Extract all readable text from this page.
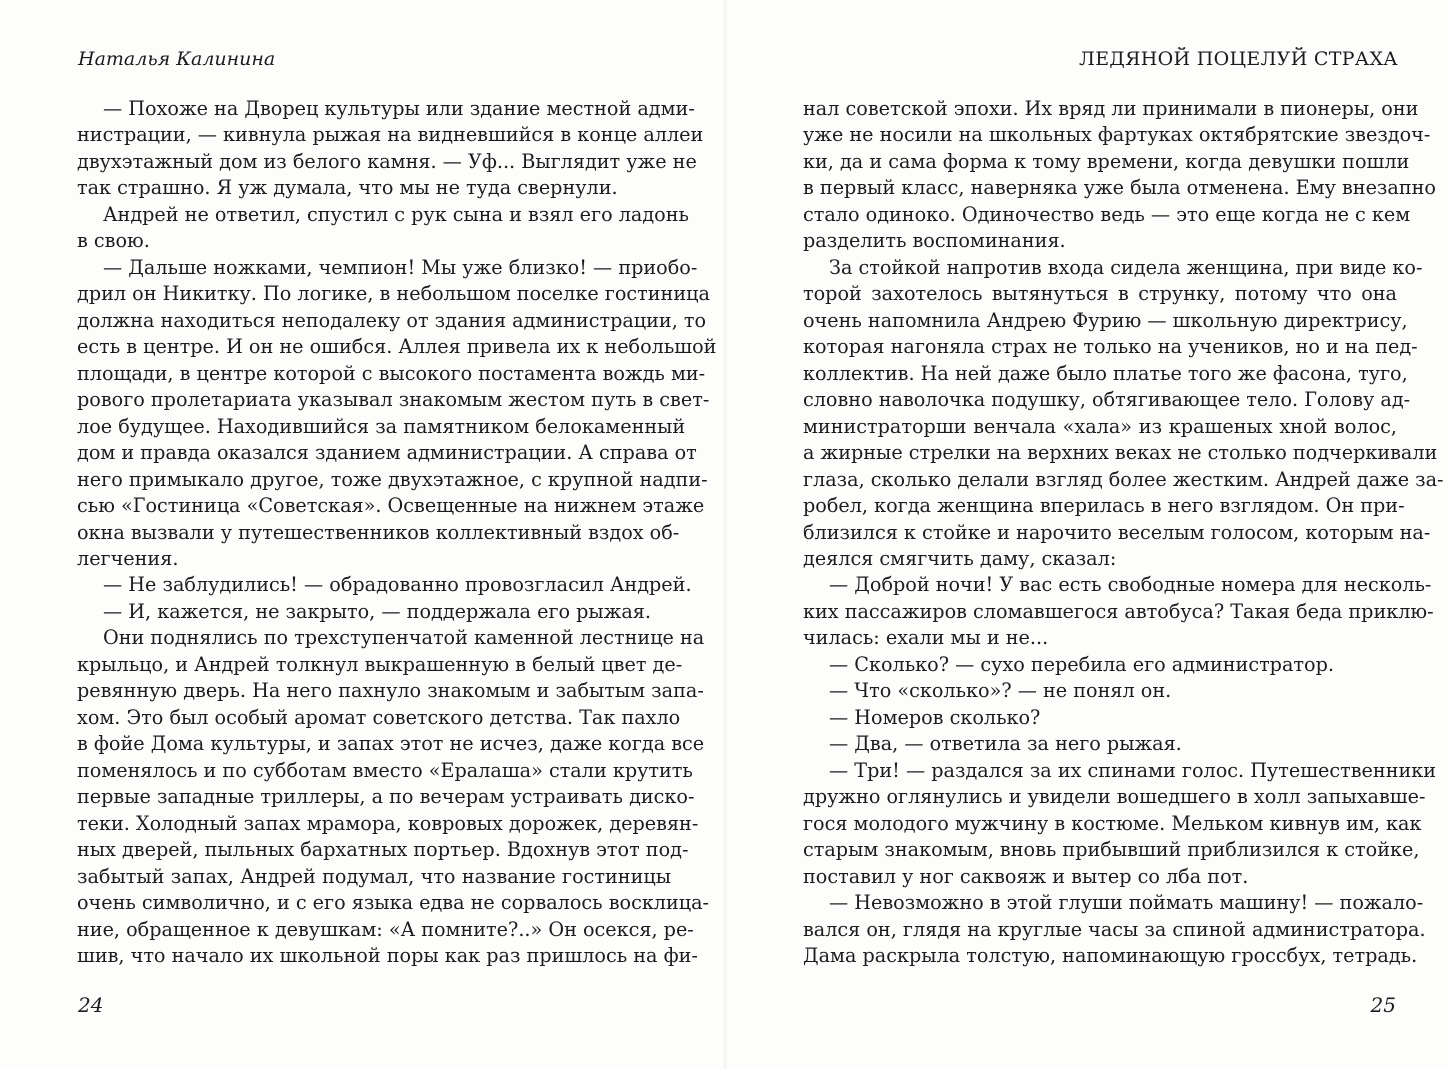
Наталья Калинина	ЛЕДЯНОЙ ПОЦЕЛУЙ СТРАХА
— Похоже на Дворец культуры или здание местной адми-
нистрации, — кивнула рыжая на видневшийся в конце аллеи
двухэтажный дом из белого камня. — Уф... Выглядит уже не
так страшно. Я уж думала, что мы не туда свернули.
Андрей не ответил, спустил с рук сына и взял его ладонь
в свою.
— Дальше ножками, чемпион! Мы уже близко! — приобо-
дрил он Никитку. По логике, в небольшом поселке гостиница
должна находиться неподалеку от здания администрации, то
есть в центре. И он не ошибся. Аллея привела их к небольшой
площади, в центре которой с высокого постамента вождь ми-
рового пролетариата указывал знакомым жестом путь в свет-
лое будущее. Находившийся за памятником белокаменный
дом и правда оказался зданием администрации. А справа от
него примыкало другое, тоже двухэтажное, с крупной надпи-
сью «Гостиница «Советская». Освещенные на нижнем этаже
окна вызвали у путешественников коллективный вздох об-
легчения.
— Не заблудились! — обрадованно провозгласил Андрей.
— И, кажется, не закрыто, — поддержала его рыжая.
Они поднялись по трехступенчатой каменной лестнице на
крыльцо, и Андрей толкнул выкрашенную в белый цвет де-
ревянную дверь. На него пахнуло знакомым и забытым запа-
хом. Это был особый аромат советского детства. Так пахло
в фойе Дома культуры, и запах этот не исчез, даже когда все
поменялось и по субботам вместо «Ералаша» стали крутить
первые западные триллеры, а по вечерам устраивать диско-
теки. Холодный запах мрамора, ковровых дорожек, деревян-
ных дверей, пыльных бархатных портьер. Вдохнув этот под-
забытый запах, Андрей подумал, что название гостиницы
очень символично, и с его языка едва не сорвалось восклица-
ние, обращенное к девушкам: «А помните?..» Он осекся, ре-
шив, что начало их школьной поры как раз пришлось на фи-
нал советской эпохи. Их вряд ли принимали в пионеры, они
уже не носили на школьных фартуках октябрятские звездоч-
ки, да и сама форма к тому времени, когда девушки пошли
в первый класс, наверняка уже была отменена. Ему внезапно
стало одиноко. Одиночество ведь — это еще когда не с кем
разделить воспоминания.
За стойкой напротив входа сидела женщина, при виде ко-
торой захотелось вытянуться в струнку, потому что она
очень напомнила Андрею Фурию — школьную директрису,
которая нагоняла страх не только на учеников, но и на пед-
коллектив. На ней даже было платье того же фасона, туго,
словно наволочка подушку, обтягивающее тело. Голову ад-
министраторши венчала «хала» из крашеных хной волос,
а жирные стрелки на верхних веках не столько подчеркивали
глаза, сколько делали взгляд более жестким. Андрей даже за-
робел, когда женщина вперилась в него взглядом. Он при-
близился к стойке и нарочито веселым голосом, которым на-
деялся смягчить даму, сказал:
— Доброй ночи! У вас есть свободные номера для несколь-
ких пассажиров сломавшегося автобуса? Такая беда приклю-
чилась: ехали мы и не...
— Сколько? — сухо перебила его администратор.
— Что «сколько»? — не понял он.
— Номеров сколько?
— Два, — ответила за него рыжая.
— Три! — раздался за их спинами голос. Путешественники
дружно оглянулись и увидели вошедшего в холл запыхавше-
гося молодого мужчину в костюме. Мельком кивнув им, как
старым знакомым, вновь прибывший приблизился к стойке,
поставил у ног саквояж и вытер со лба пот.
— Невозможно в этой глуши поймать машину! — пожало-
вался он, глядя на круглые часы за спиной администратора.
Дама раскрыла толстую, напоминающую гроссбух, тетрадь.
24	25
